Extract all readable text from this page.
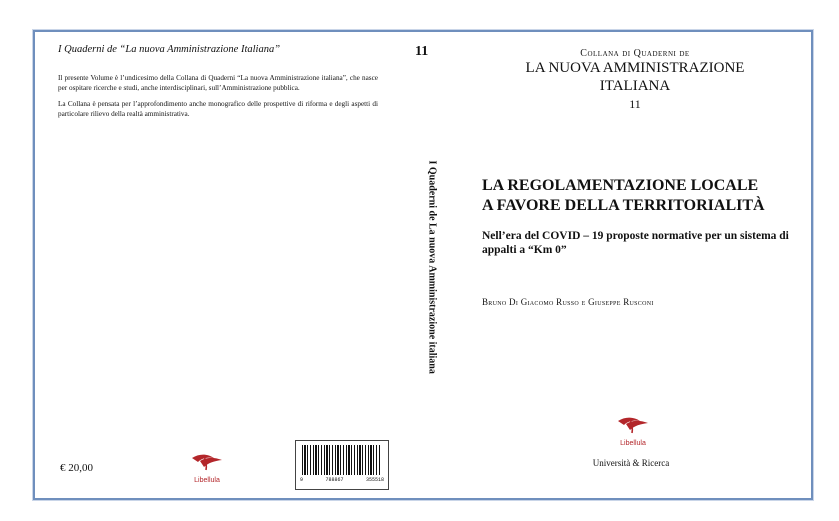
I Quaderni de “La nuova Amministrazione Italiana”

Il presente Volume è l’undicesimo della Collana di Quaderni “La nuova Amministrazione italiana”, che nasce per ospitare ricerche e studi, anche interdisciplinari, sull’Amministrazione pubblica.

La Collana è pensata per l’approfondimento anche monografico delle prospettive di riforma e degli aspetti di particolare rilievo della realtà amministrativa.

€ 20,00
Libellula	9	788867	355518
11
I Quaderni de La nuova Amministrazione italiana
Collana di Quaderni de
LA NUOVA AMMINISTRAZIONE
ITALIANA
11
LA REGOLAMENTAZIONE LOCALE
A FAVORE DELLA TERRITORIALITÀ
Nell’era del COVID – 19 proposte normative per un sistema di appalti a “Km 0”
Bruno Di Giacomo Russo e Giuseppe Rusconi
Libellula
Università & Ricerca
